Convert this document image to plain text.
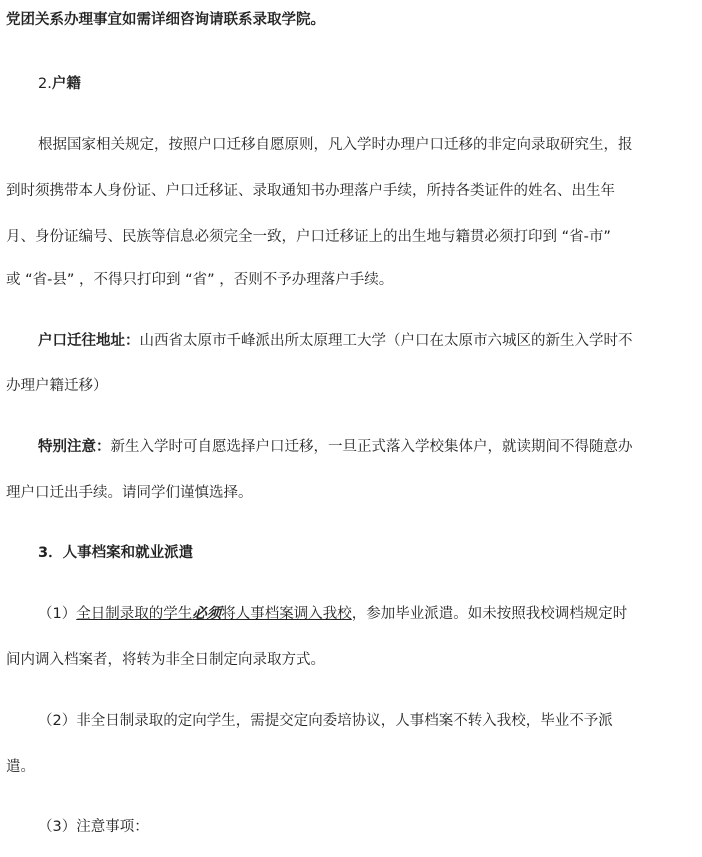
党团关系办理事宜如需详细咨询请联系录取学院。
2.户籍
根据国家相关规定，按照户口迁移自愿原则，凡入学时办理户口迁移的非定向录取研究生，报
到时须携带本人身份证、户口迁移证、录取通知书办理落户手续，所持各类证件的姓名、出生年
月、身份证编号、民族等信息必须完全一致，户口迁移证上的出生地与籍贯必须打印到 “省-市”
或 “省-县” ，不得只打印到 “省” ，否则不予办理落户手续。
户口迁往地址：山西省太原市千峰派出所太原理工大学（户口在太原市六城区的新生入学时不
办理户籍迁移）
特别注意：新生入学时可自愿选择户口迁移，一旦正式落入学校集体户，就读期间不得随意办
理户口迁出手续。请同学们谨慎选择。
3．人事档案和就业派遣
（1）全日制录取的学生必须将人事档案调入我校，参加毕业派遣。如未按照我校调档规定时
间内调入档案者，将转为非全日制定向录取方式。
（2）非全日制录取的定向学生，需提交定向委培协议，人事档案不转入我校，毕业不予派
遣。
（3）注意事项：
